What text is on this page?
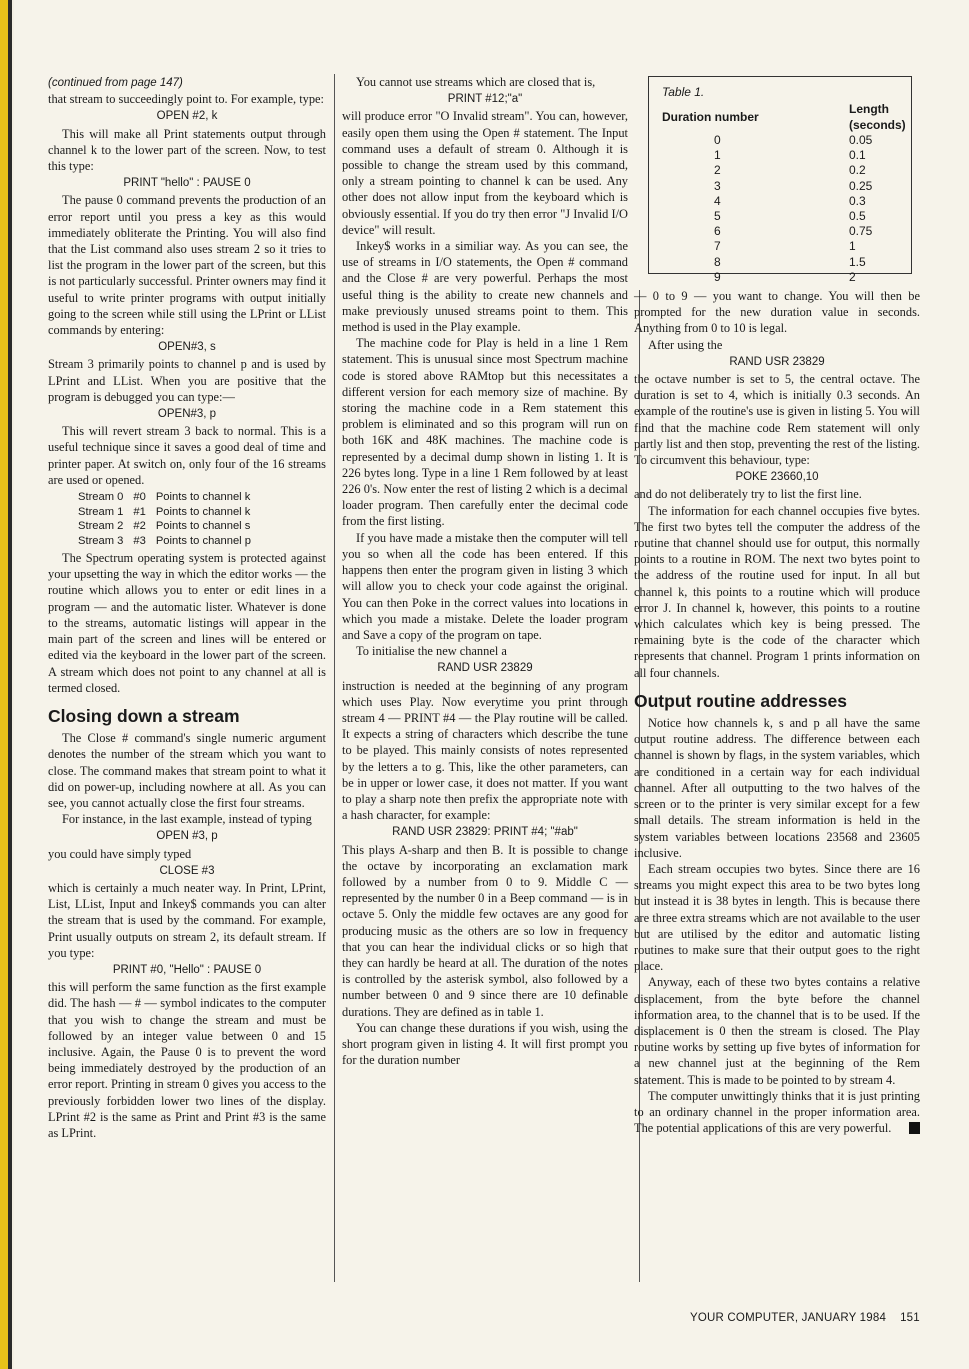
(continued from page 147)

that stream to succeedingly point to. For example, type:

OPEN #2, k

This will make all Print statements output through channel k to the lower part of the screen. Now, to test this type:

PRINT "hello" : PAUSE 0

The pause 0 command prevents the production of an error report until you press a key as this would immediately obliterate the Printing. You will also find that the List command also uses stream 2 so it tries to list the program in the lower part of the screen, but this is not particularly successful. Printer owners may find it useful to write printer programs with output initially going to the screen while still using the LPrint or LList commands by entering:

OPEN#3, s

Stream 3 primarily points to channel p and is used by LPrint and LList. When you are positive that the program is debugged you can type:—

OPEN#3, p

This will revert stream 3 back to normal. This is a useful technique since it saves a good deal of time and printer paper. At switch on, only four of the 16 streams are used or opened.

Stream 0	#0	Points to channel k
Stream 1	#1	Points to channel k
Stream 2	#2	Points to channel s
Stream 3	#3	Points to channel p

The Spectrum operating system is protected against your upsetting the way in which the editor works — the routine which allows you to enter or edit lines in a program — and the automatic lister. Whatever is done to the streams, automatic listings will appear in the main part of the screen and lines will be entered or edited via the keyboard in the lower part of the screen. A stream which does not point to any channel at all is termed closed.

Closing down a stream

The Close # command's single numeric argument denotes the number of the stream which you want to close. The command makes that stream point to what it did on power-up, including nowhere at all. As you can see, you cannot actually close the first four streams.

For instance, in the last example, instead of typing

OPEN #3, p

you could have simply typed

CLOSE #3

which is certainly a much neater way. In Print, LPrint, List, LList, Input and Inkey$ commands you can alter the stream that is used by the command. For example, Print usually outputs on stream 2, its default stream. If you type:

PRINT #0, "Hello" : PAUSE 0

this will perform the same function as the first example did. The hash — # — symbol indicates to the computer that you wish to change the stream and must be followed by an integer value between 0 and 15 inclusive. Again, the Pause 0 is to prevent the word being immediately destroyed by the production of an error report. Printing in stream 0 gives you access to the previously forbidden lower two lines of the display. LPrint #2 is the same as Print and Print #3 is the same as LPrint.

You cannot use streams which are closed that is,

PRINT #12;"a"

will produce error "O Invalid stream". You can, however, easily open them using the Open # statement. The Input command uses a default of stream 0. Although it is possible to change the stream used by this command, only a stream pointing to channel k can be used. Any other does not allow input from the keyboard which is obviously essential. If you do try then error "J Invalid I/O device" will result.

Inkey$ works in a similiar way. As you can see, the use of streams in I/O statements, the Open # command and the Close # are very powerful. Perhaps the most useful thing is the ability to create new channels and make previously unused streams point to them. This method is used in the Play example.

The machine code for Play is held in a line 1 Rem statement. This is unusual since most Spectrum machine code is stored above RAMtop but this necessitates a different version for each memory size of machine. By storing the machine code in a Rem statement this problem is eliminated and so this program will run on both 16K and 48K machines. The machine code is represented by a decimal dump shown in listing 1. It is 226 bytes long. Type in a line 1 Rem followed by at least 226 0's. Now enter the rest of listing 2 which is a decimal loader program. Then carefully enter the decimal code from the first listing.

If you have made a mistake then the computer will tell you so when all the code has been entered. If this happens then enter the program given in listing 3 which will allow you to check your code against the original. You can then Poke in the correct values into locations in which you made a mistake. Delete the loader program and Save a copy of the program on tape.

To initialise the new channel a

RAND USR 23829

instruction is needed at the beginning of any program which uses Play. Now everytime you print through stream 4 — PRINT #4 — the Play routine will be called. It expects a string of characters which describe the tune to be played. This mainly consists of notes represented by the letters a to g. This, like the other parameters, can be in upper or lower case, it does not matter. If you want to play a sharp note then prefix the appropriate note with a hash character, for example:

RAND USR 23829: PRINT #4; "#ab"

This plays A-sharp and then B. It is possible to change the octave by incorporating an exclamation mark followed by a number from 0 to 9. Middle C — represented by the number 0 in a Beep command — is in octave 5. Only the middle few octaves are any good for producing music as the others are so low in frequency that you can hear the individual clicks or so high that they can hardly be heard at all. The duration of the notes is controlled by the asterisk symbol, also followed by a number between 0 and 9 since there are 10 definable durations. They are defined as in table 1.

You can change these durations if you wish, using the short program given in listing 4. It will first prompt you for the duration number

Table 1.
Duration number	Length (seconds)
0	0.05
1	0.1
2	0.2
3	0.25
4	0.3
5	0.5
6	0.75
7	1
8	1.5
9	2

— 0 to 9 — you want to change. You will then be prompted for the new duration value in seconds. Anything from 0 to 10 is legal.

After using the

RAND USR 23829

the octave number is set to 5, the central octave. The duration is set to 4, which is initially 0.3 seconds. An example of the routine's use is given in listing 5. You will find that the machine code Rem statement will only partly list and then stop, preventing the rest of the listing. To circumvent this behaviour, type:

POKE 23660,10

and do not deliberately try to list the first line.

The information for each channel occupies five bytes. The first two bytes tell the computer the address of the routine that channel should use for output, this normally points to a routine in ROM. The next two bytes point to the address of the routine used for input. In all but channel k, this points to a routine which will produce error J. In channel k, however, this points to a routine which calculates which key is being pressed. The remaining byte is the code of the character which represents that channel. Program 1 prints information on all four channels.

Output routine addresses

Notice how channels k, s and p all have the same output routine address. The difference between each channel is shown by flags, in the system variables, which are conditioned in a certain way for each individual channel. After all outputting to the two halves of the screen or to the printer is very similar except for a few small details. The stream information is held in the system variables between locations 23568 and 23605 inclusive.

Each stream occupies two bytes. Since there are 16 streams you might expect this area to be two bytes long but instead it is 38 bytes in length. This is because there are three extra streams which are not available to the user but are utilised by the editor and automatic listing routines to make sure that their output goes to the right place.

Anyway, each of these two bytes contains a relative displacement, from the byte before the channel information area, to the channel that is to be used. If the displacement is 0 then the stream is closed. The Play routine works by setting up five bytes of information for a new channel just at the beginning of the Rem statement. This is made to be pointed to by stream 4.

The computer unwittingly thinks that it is just printing to an ordinary channel in the proper information area. The potential applications of this are very powerful.

YOUR COMPUTER, JANUARY 1984 151
